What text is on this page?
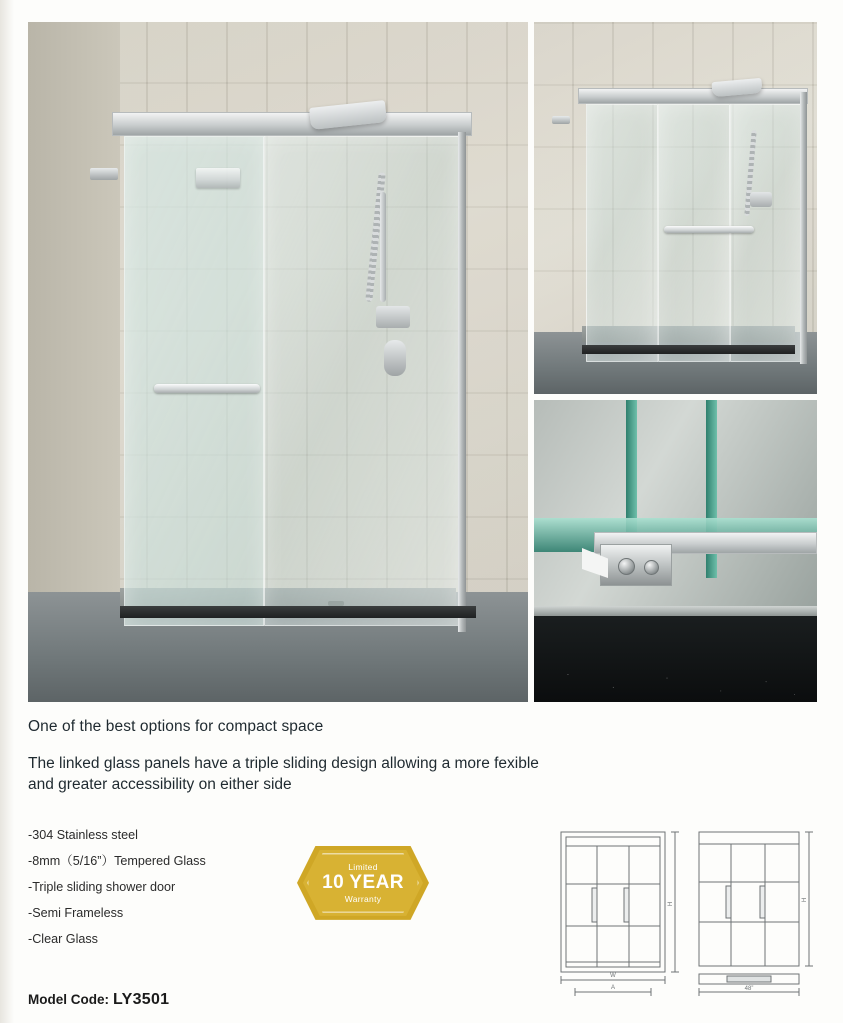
One of the best options for compact space
The linked glass panels have a triple sliding design allowing a more fexible and greater accessibility on either side
-304 Stainless steel
-8mm（5/16”）Tempered Glass
-Triple sliding shower door
-Semi Frameless
-Clear Glass
Limited
10 YEAR
Warranty
W
A
H
H
48”
Model Code: LY3501
